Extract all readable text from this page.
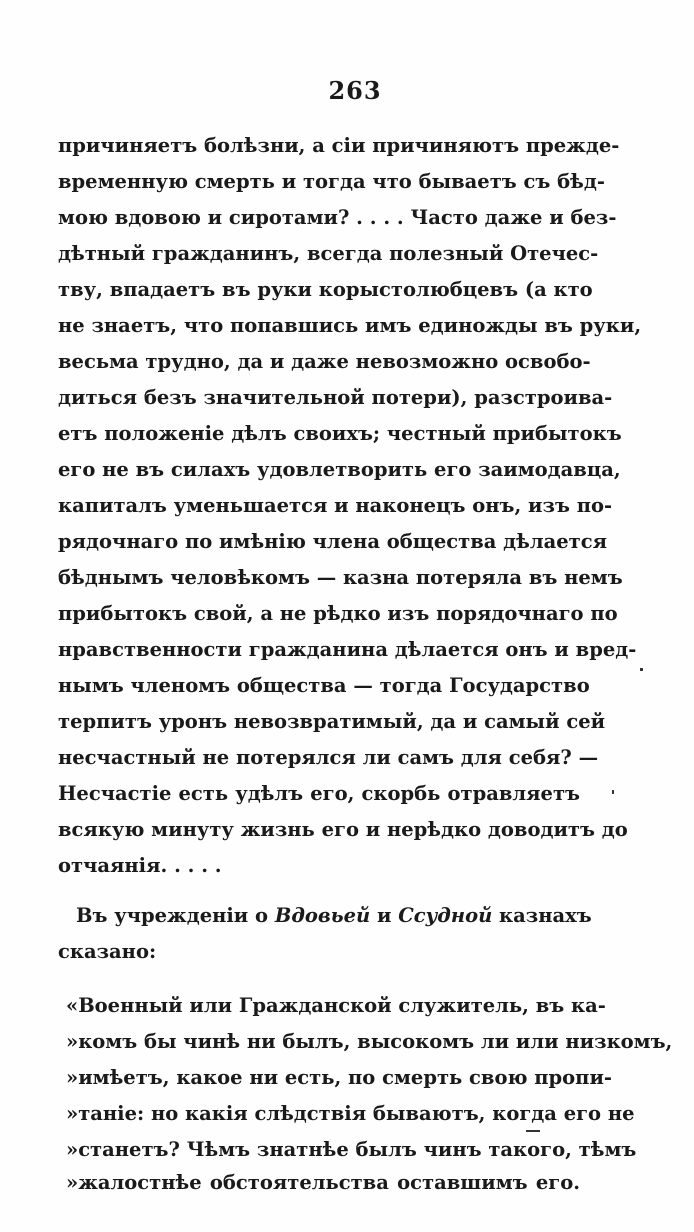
263
причиняетъ болѣзни, а сіи причиняютъ преждe-
временную смерть и тогда что бываетъ съ бѣд-
мою вдовою и сиротами? . . . . Часто даже и без-
дѣтный гражданинъ, всегда полезный Отечес-
тву, впадаетъ въ руки корыстолюбцевъ (а кто
не знаетъ, что попавшись имъ единожды въ руки,
весьма трудно, да и даже невозможно освобо-
диться безъ значительной потери), разстроива-
етъ положеніе дѣлъ своихъ; честный прибытокъ
его не въ силахъ удовлетворить его заимодавца,
капиталъ уменьшается и наконецъ онъ, изъ по-
рядочнаго по имѣнію члена общества дѣлается
бѣднымъ человѣкомъ — казна потеряла въ немъ
прибытокъ свой, а не рѣдко изъ порядочнаго по
нравственности гражданина дѣлается онъ и вред-
нымъ членомъ общества — тогда Государство
терпитъ уронъ невозвратимый, да и самый сей
несчастный не потерялся ли самъ для себя? —
Несчастіе есть удѣлъ его, скорбь отравляетъ
всякую минуту жизнь его и нерѣдко доводитъ до
отчаянія. . . . .
Въ учрежденіи о Вдовьей и Ссудной казнахъ
сказано:
«Военный или Гражданской служитель, въ ка-
»комъ бы чинѣ ни былъ, высокомъ ли или низкомъ,
»имѣетъ, какое ни есть, по смерть свою пропи-
»таніе: но какія слѣдствія бываютъ, когда его не
»станетъ? Чѣмъ знатнѣе былъ чинъ такого, тѣмъ
»жалостнѣе обстоятельства оставшимъ его.
